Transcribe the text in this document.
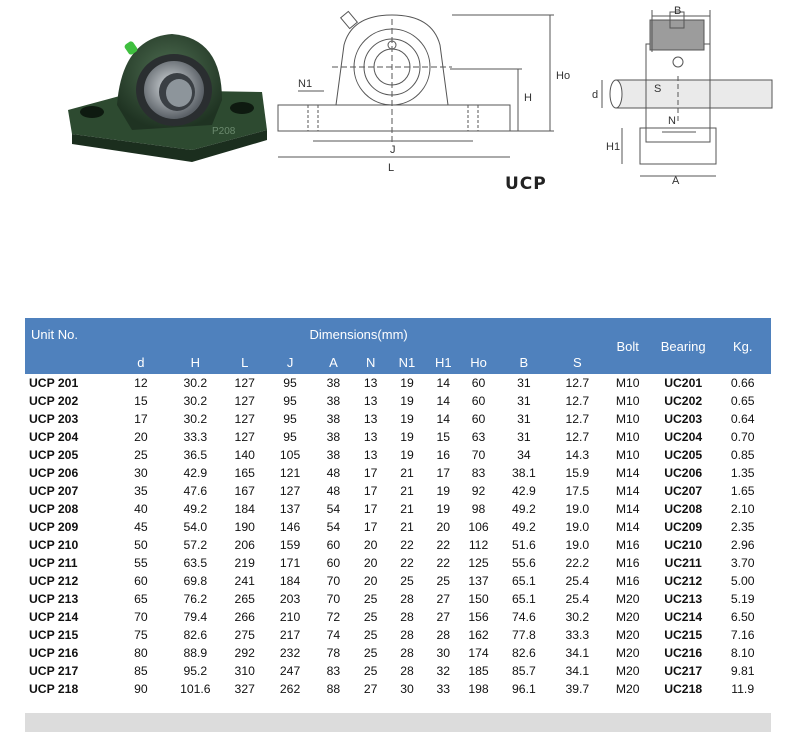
P208
J
L
Ho
H
N1
B
d	S
N
H1
A
UCP
Unit No.	Dimensions(mm)											Bolt	Bearing	Kg.
	d	H	L	J	A	N	N1	H1	Ho	B	S			
UCP 201	12	30.2	127	95	38	13	19	14	60	31	12.7	M10	UC201	0.66
UCP 202	15	30.2	127	95	38	13	19	14	60	31	12.7	M10	UC202	0.65
UCP 203	17	30.2	127	95	38	13	19	14	60	31	12.7	M10	UC203	0.64
UCP 204	20	33.3	127	95	38	13	19	15	63	31	12.7	M10	UC204	0.70
UCP 205	25	36.5	140	105	38	13	19	16	70	34	14.3	M10	UC205	0.85
UCP 206	30	42.9	165	121	48	17	21	17	83	38.1	15.9	M14	UC206	1.35
UCP 207	35	47.6	167	127	48	17	21	19	92	42.9	17.5	M14	UC207	1.65
UCP 208	40	49.2	184	137	54	17	21	19	98	49.2	19.0	M14	UC208	2.10
UCP 209	45	54.0	190	146	54	17	21	20	106	49.2	19.0	M14	UC209	2.35
UCP 210	50	57.2	206	159	60	20	22	22	112	51.6	19.0	M16	UC210	2.96
UCP 211	55	63.5	219	171	60	20	22	22	125	55.6	22.2	M16	UC211	3.70
UCP 212	60	69.8	241	184	70	20	25	25	137	65.1	25.4	M16	UC212	5.00
UCP 213	65	76.2	265	203	70	25	28	27	150	65.1	25.4	M20	UC213	5.19
UCP 214	70	79.4	266	210	72	25	28	27	156	74.6	30.2	M20	UC214	6.50
UCP 215	75	82.6	275	217	74	25	28	28	162	77.8	33.3	M20	UC215	7.16
UCP 216	80	88.9	292	232	78	25	28	30	174	82.6	34.1	M20	UC216	8.10
UCP 217	85	95.2	310	247	83	25	28	32	185	85.7	34.1	M20	UC217	9.81
UCP 218	90	101.6	327	262	88	27	30	33	198	96.1	39.7	M20	UC218	11.9
